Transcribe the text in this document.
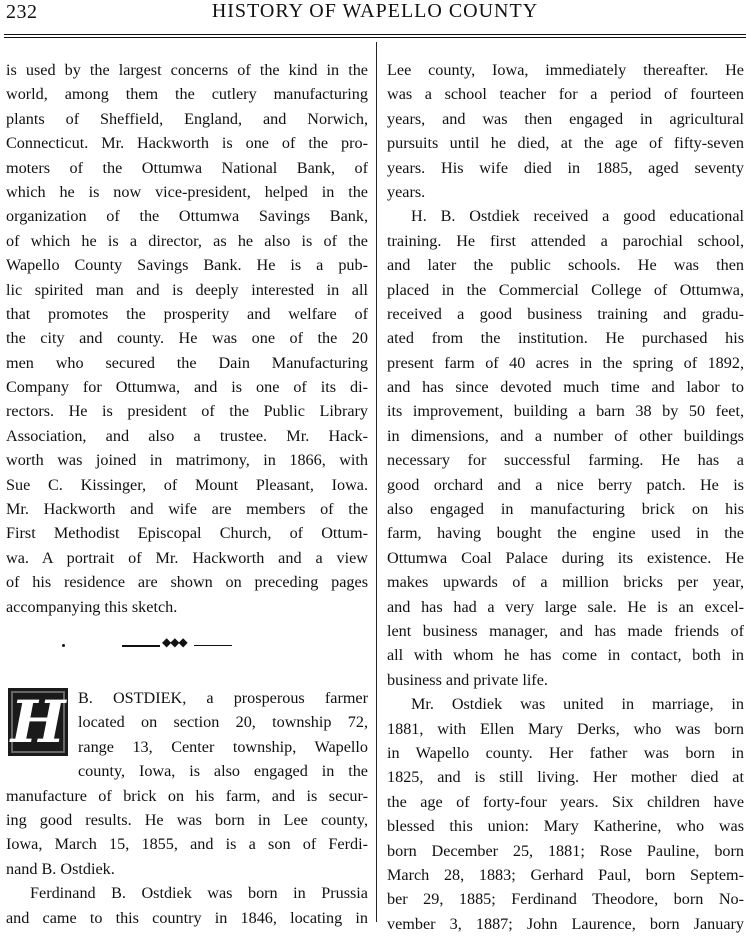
232	HISTORY OF WAPELLO COUNTY
is used by the largest concerns of the kind in the
world, among them the cutlery manufacturing
plants of Sheffield, England, and Norwich,
Connecticut. Mr. Hackworth is one of the pro-
moters of the Ottumwa National Bank, of
which he is now vice-president, helped in the
organization of the Ottumwa Savings Bank,
of which he is a director, as he also is of the
Wapello County Savings Bank. He is a pub-
lic spirited man and is deeply interested in all
that promotes the prosperity and welfare of
the city and county. He was one of the 20
men who secured the Dain Manufacturing
Company for Ottumwa, and is one of its di-
rectors. He is president of the Public Library
Association, and also a trustee. Mr. Hack-
worth was joined in matrimony, in 1866, with
Sue C. Kissinger, of Mount Pleasant, Iowa.
Mr. Hackworth and wife are members of the
First Methodist Episcopal Church, of Ottum-
wa. A portrait of Mr. Hackworth and a view
of his residence are shown on preceding pages
accompanying this sketch.
◆◆◆
H B. OSTDIEK, a prosperous farmer
located on section 20, township 72,
range 13, Center township, Wapello
county, Iowa, is also engaged in the
manufacture of brick on his farm, and is secur-
ing good results. He was born in Lee county,
Iowa, March 15, 1855, and is a son of Ferdi-
nand B. Ostdiek.
Ferdinand B. Ostdiek was born in Prussia
and came to this country in 1846, locating in
Lee county, Iowa, immediately thereafter. He
was a school teacher for a period of fourteen
years, and was then engaged in agricultural
pursuits until he died, at the age of fifty-seven
years. His wife died in 1885, aged seventy
years.
H. B. Ostdiek received a good educational
training. He first attended a parochial school,
and later the public schools. He was then
placed in the Commercial College of Ottumwa,
received a good business training and gradu-
ated from the institution. He purchased his
present farm of 40 acres in the spring of 1892,
and has since devoted much time and labor to
its improvement, building a barn 38 by 50 feet,
in dimensions, and a number of other buildings
necessary for successful farming. He has a
good orchard and a nice berry patch. He is
also engaged in manufacturing brick on his
farm, having bought the engine used in the
Ottumwa Coal Palace during its existence. He
makes upwards of a million bricks per year,
and has had a very large sale. He is an excel-
lent business manager, and has made friends of
all with whom he has come in contact, both in
business and private life.
Mr. Ostdiek was united in marriage, in
1881, with Ellen Mary Derks, who was born
in Wapello county. Her father was born in
1825, and is still living. Her mother died at
the age of forty-four years. Six children have
blessed this union: Mary Katherine, who was
born December 25, 1881; Rose Pauline, born
March 28, 1883; Gerhard Paul, born Septem-
ber 29, 1885; Ferdinand Theodore, born No-
vember 3, 1887; John Laurence, born January
